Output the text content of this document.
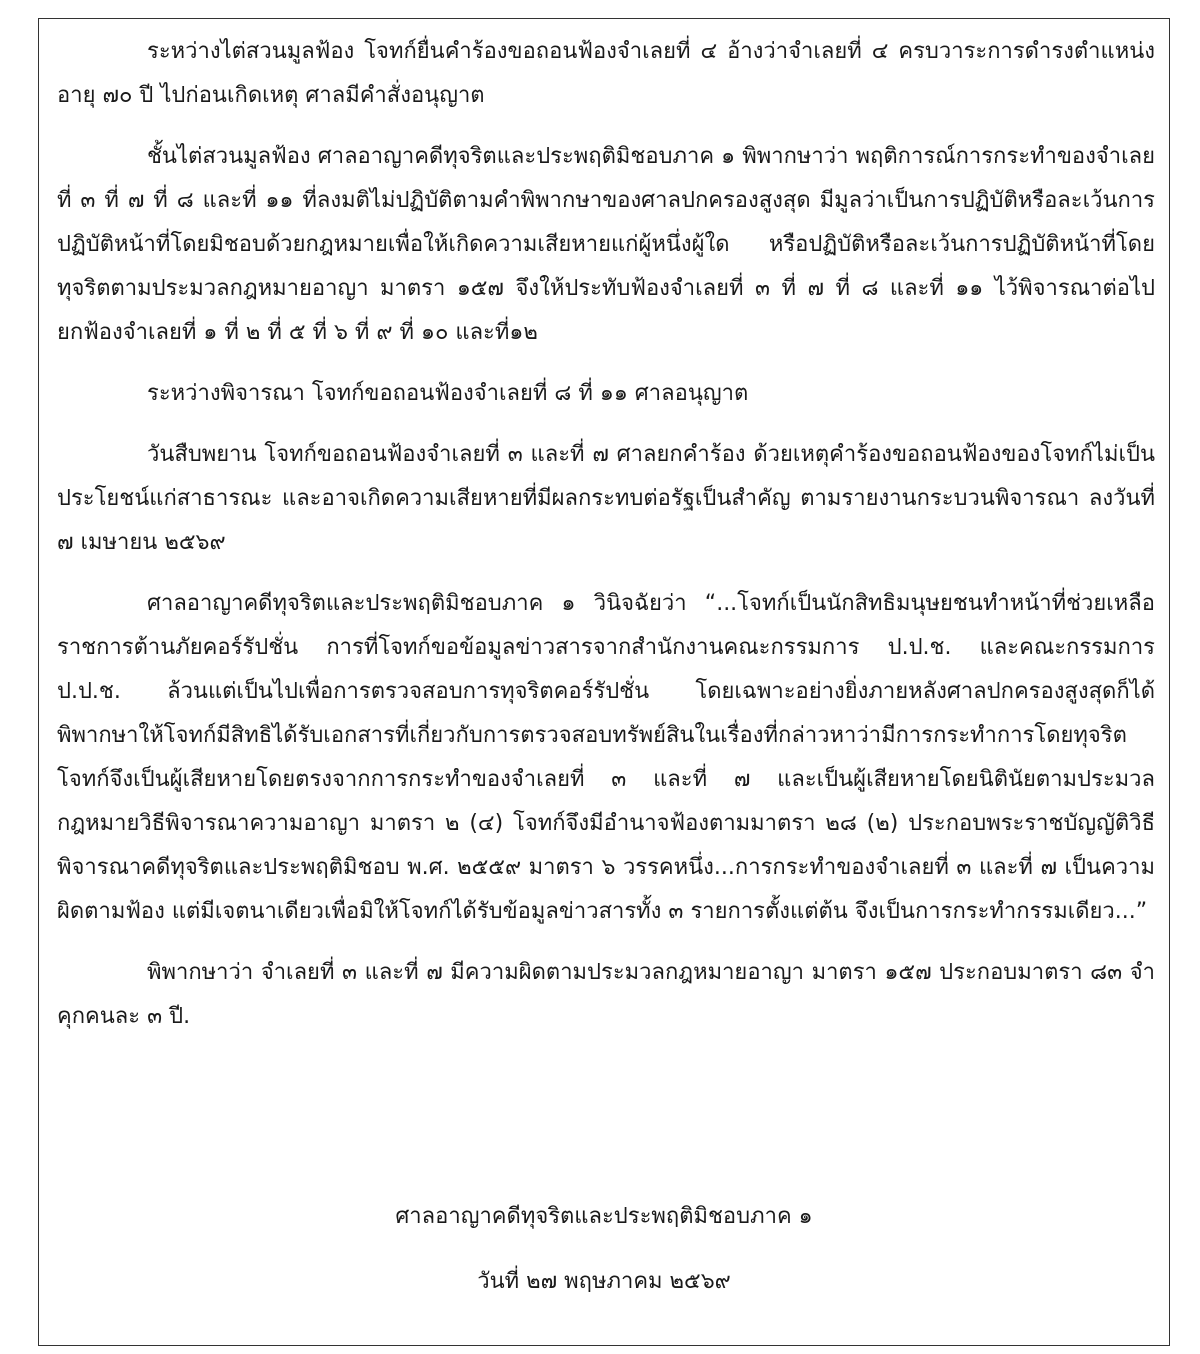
ระหว่างไต่สวนมูลฟ้อง โจทก์ยื่นคำร้องขอถอนฟ้องจำเลยที่ ๔ อ้างว่าจำเลยที่ ๔ ครบวาระการดำรงตำแหน่งอายุ ๗๐ ปี ไปก่อนเกิดเหตุ ศาลมีคำสั่งอนุญาต

ชั้นไต่สวนมูลฟ้อง ศาลอาญาคดีทุจริตและประพฤติมิชอบภาค ๑ พิพากษาว่า พฤติการณ์การกระทำของจำเลยที่ ๓ ที่ ๗ ที่ ๘ และที่ ๑๑ ที่ลงมติไม่ปฏิบัติตามคำพิพากษาของศาลปกครองสูงสุด มีมูลว่าเป็นการปฏิบัติหรือละเว้นการปฏิบัติหน้าที่โดยมิชอบด้วยกฎหมายเพื่อให้เกิดความเสียหายแก่ผู้หนึ่งผู้ใด หรือปฏิบัติหรือละเว้นการปฏิบัติหน้าที่โดยทุจริตตามประมวลกฎหมายอาญา มาตรา ๑๕๗ จึงให้ประทับฟ้องจำเลยที่ ๓ ที่ ๗ ที่ ๘ และที่ ๑๑ ไว้พิจารณาต่อไป ยกฟ้องจำเลยที่ ๑ ที่ ๒ ที่ ๕ ที่ ๖ ที่ ๙ ที่ ๑๐ และที่๑๒

ระหว่างพิจารณา โจทก์ขอถอนฟ้องจำเลยที่ ๘ ที่ ๑๑ ศาลอนุญาต

วันสืบพยาน โจทก์ขอถอนฟ้องจำเลยที่ ๓ และที่ ๗ ศาลยกคำร้อง ด้วยเหตุคำร้องขอถอนฟ้องของโจทก์ไม่เป็นประโยชน์แก่สาธารณะ และอาจเกิดความเสียหายที่มีผลกระทบต่อรัฐเป็นสำคัญ ตามรายงานกระบวนพิจารณา ลงวันที่ ๗ เมษายน ๒๕๖๙

ศาลอาญาคดีทุจริตและประพฤติมิชอบภาค ๑ วินิจฉัยว่า “...โจทก์เป็นนักสิทธิมนุษยชนทำหน้าที่ช่วยเหลือราชการต้านภัยคอร์รัปชั่น การที่โจทก์ขอข้อมูลข่าวสารจากสำนักงานคณะกรรมการ ป.ป.ช. และคณะกรรมการ ป.ป.ช. ล้วนแต่เป็นไปเพื่อการตรวจสอบการทุจริตคอร์รัปชั่น โดยเฉพาะอย่างยิ่งภายหลังศาลปกครองสูงสุดก็ได้พิพากษาให้โจทก์มีสิทธิได้รับเอกสารที่เกี่ยวกับการตรวจสอบทรัพย์สินในเรื่องที่กล่าวหาว่ามีการกระทำการโดยทุจริต โจทก์จึงเป็นผู้เสียหายโดยตรงจากการกระทำของจำเลยที่ ๓ และที่ ๗ และเป็นผู้เสียหายโดยนิตินัยตามประมวลกฎหมายวิธีพิจารณาความอาญา มาตรา ๒ (๔) โจทก์จึงมีอำนาจฟ้องตามมาตรา ๒๘ (๒) ประกอบพระราชบัญญัติวิธีพิจารณาคดีทุจริตและประพฤติมิชอบ พ.ศ. ๒๕๕๙ มาตรา ๖ วรรคหนึ่ง...การกระทำของจำเลยที่ ๓ และที่ ๗ เป็นความผิดตามฟ้อง แต่มีเจตนาเดียวเพื่อมิให้โจทก์ได้รับข้อมูลข่าวสารทั้ง ๓ รายการตั้งแต่ต้น จึงเป็นการกระทำกรรมเดียว...”

พิพากษาว่า จำเลยที่ ๓ และที่ ๗ มีความผิดตามประมวลกฎหมายอาญา มาตรา ๑๕๗ ประกอบมาตรา ๘๓ จำคุกคนละ ๓ ปี.

ศาลอาญาคดีทุจริตและประพฤติมิชอบภาค ๑
วันที่ ๒๗ พฤษภาคม ๒๕๖๙
